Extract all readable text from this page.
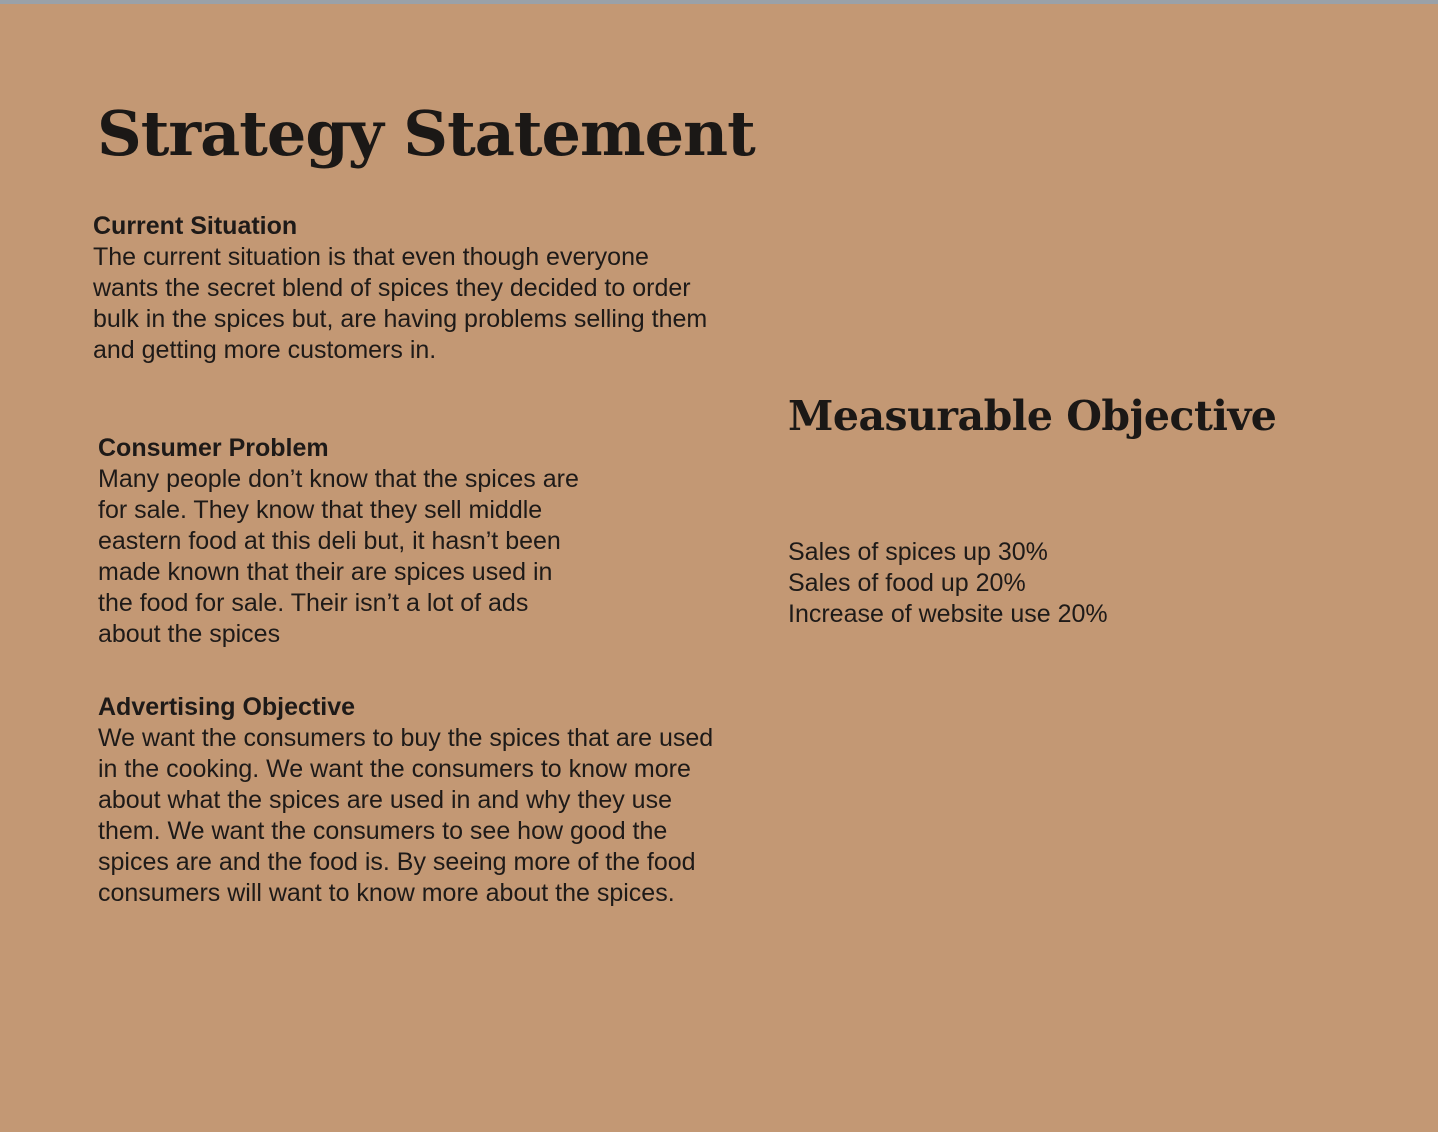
Strategy Statement
Current Situation

The current situation is that even though everyone
wants the secret blend of spices they decided to order
bulk in the spices but, are having problems selling them
and getting more customers in.

Consumer Problem

Many people don’t know that the spices are
for sale. They know that they sell middle
eastern food at this deli but, it hasn’t been
made known that their are spices used in
the food for sale. Their isn’t a lot of ads
about the spices

Advertising Objective

We want the consumers to buy the spices that are used
in the cooking. We want the consumers to know more
about what the spices are used in and why they use
them. We want the consumers to see how good the
spices are and the food is. By seeing more of the food
consumers will want to know more about the spices.

Measurable Objective
Sales of spices up 30%
Sales of food up 20%
Increase of website use 20%
